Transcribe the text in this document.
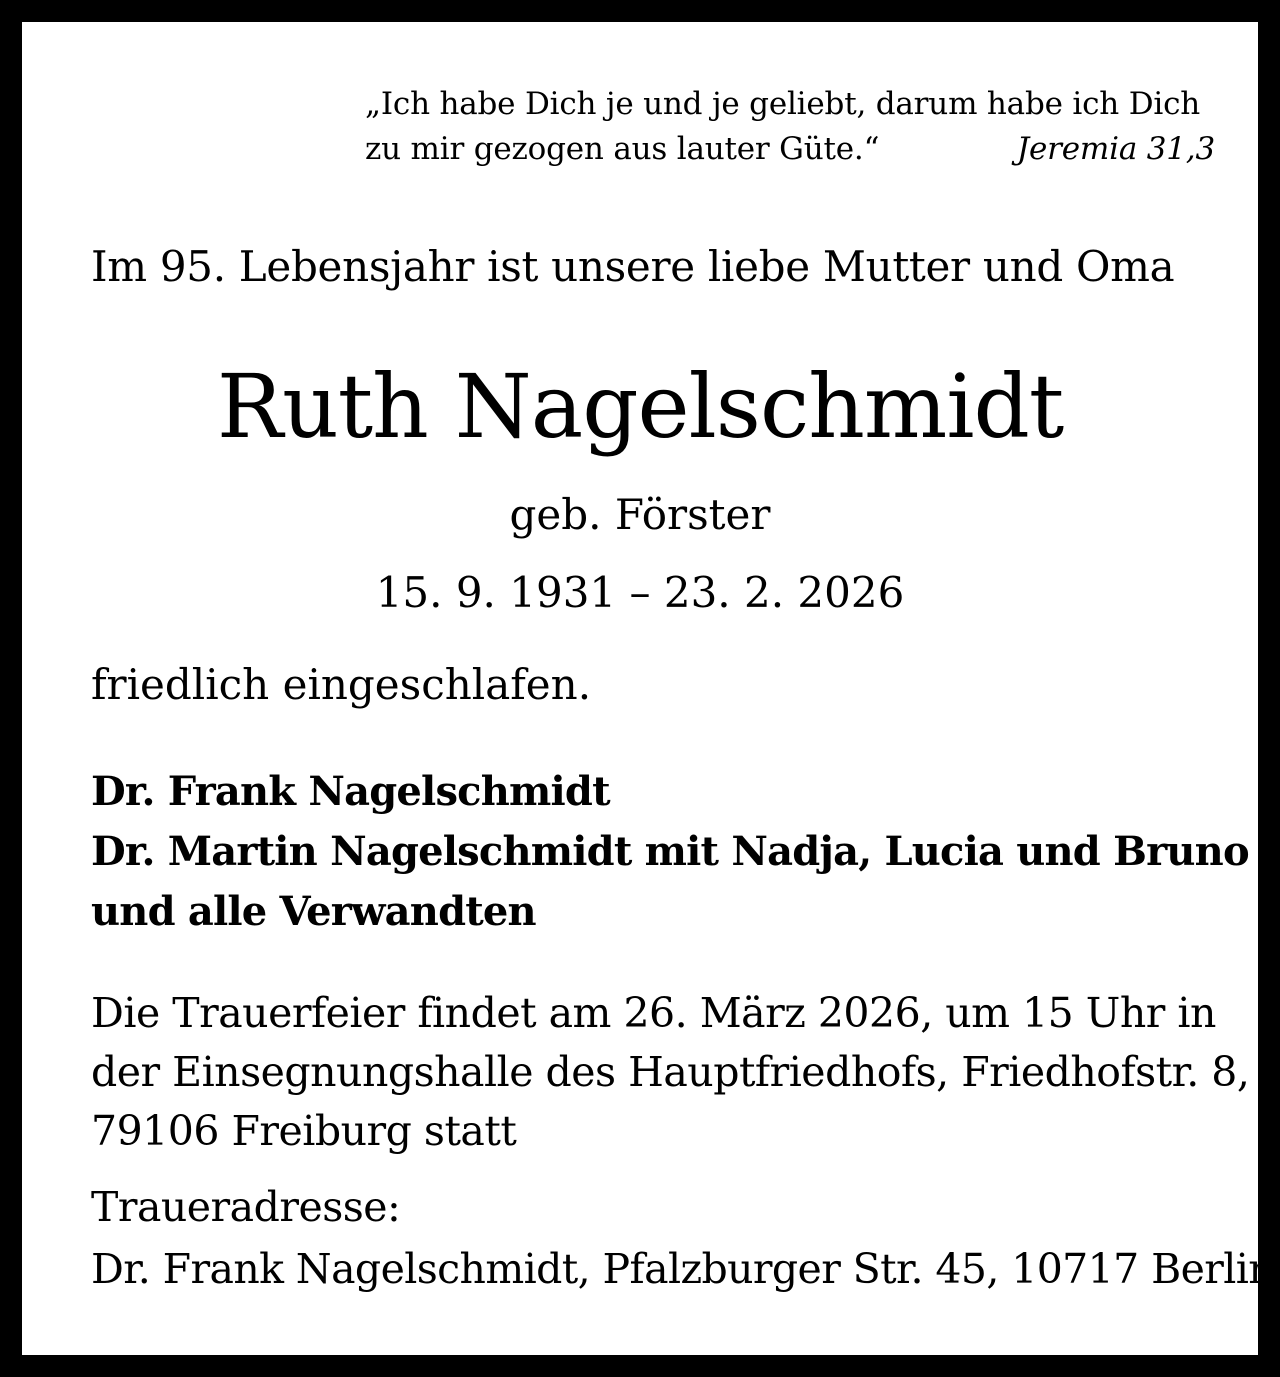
„Ich habe Dich je und je geliebt, darum habe ich Dich
zu mir gezogen aus lauter Güte.“	Jeremia 31,3
Im 95. Lebensjahr ist unsere liebe Mutter und Oma
Ruth Nagelschmidt
geb. Förster
15. 9. 1931 – 23. 2. 2026
friedlich eingeschlafen.
Dr. Frank Nagelschmidt
Dr. Martin Nagelschmidt mit Nadja, Lucia und Bruno
und alle Verwandten
Die Trauerfeier findet am 26. März 2026, um 15 Uhr in
der Einsegnungshalle des Hauptfriedhofs, Friedhofstr. 8,
79106 Freiburg statt
Traueradresse:
Dr. Frank Nagelschmidt, Pfalzburger Str. 45, 10717 Berlin
